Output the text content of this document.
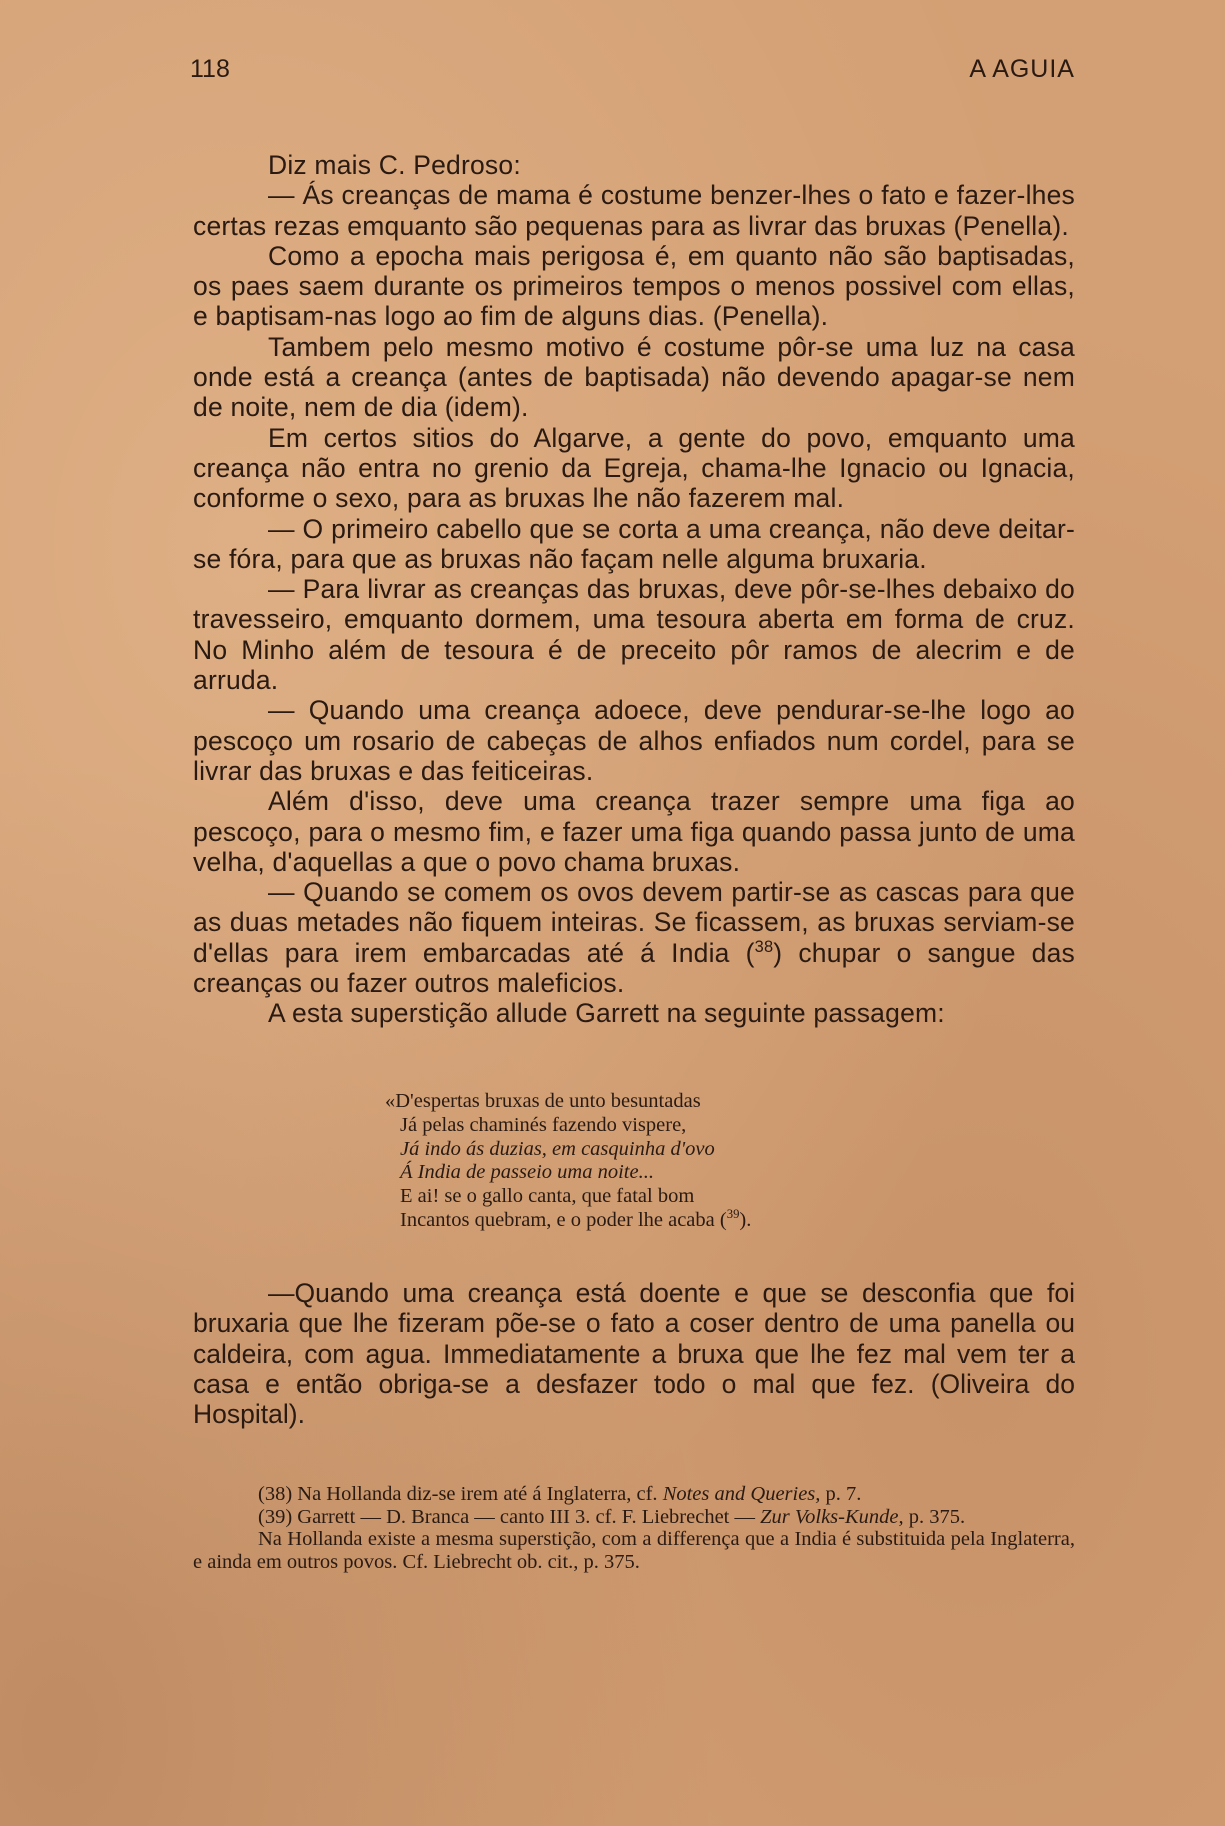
118	A AGUIA

Diz mais C. Pedroso:

— Ás creanças de mama é costume benzer-lhes o fato e fazer-lhes certas rezas emquanto são pequenas para as livrar das bruxas (Penella).

Como a epocha mais perigosa é, em quanto não são baptisadas, os paes saem durante os primeiros tempos o menos possivel com ellas, e baptisam-nas logo ao fim de alguns dias. (Penella).

Tambem pelo mesmo motivo é costume pôr-se uma luz na casa onde está a creança (antes de baptisada) não devendo apagar-se nem de noite, nem de dia (idem).

Em certos sitios do Algarve, a gente do povo, emquanto uma creança não entra no grenio da Egreja, chama-lhe Ignacio ou Ignacia, conforme o sexo, para as bruxas lhe não fazerem mal.

— O primeiro cabello que se corta a uma creança, não deve deitar-se fóra, para que as bruxas não façam nelle alguma bruxaria.

— Para livrar as creanças das bruxas, deve pôr-se-lhes debaixo do travesseiro, emquanto dormem, uma tesoura aberta em forma de cruz. No Minho além de tesoura é de preceito pôr ramos de alecrim e de arruda.

— Quando uma creança adoece, deve pendurar-se-lhe logo ao pescoço um rosario de cabeças de alhos enfiados num cordel, para se livrar das bruxas e das feiticeiras.

Além d'isso, deve uma creança trazer sempre uma figa ao pescoço, para o mesmo fim, e fazer uma figa quando passa junto de uma velha, d'aquellas a que o povo chama bruxas.

— Quando se comem os ovos devem partir-se as cascas para que as duas metades não fiquem inteiras. Se ficassem, as bruxas serviam-se d'ellas para irem embarcadas até á India ($^{38}$) chupar o sangue das creanças ou fazer outros maleficios.

A esta superstição allude Garrett na seguinte passagem:

«D'espertas bruxas de unto besuntadas
Já pelas chaminés fazendo vispere,
Já indo ás duzias, em casquinha d'ovo
Á India de passeio uma noite...
E ai! se o gallo canta, que fatal bom
Incantos quebram, e o poder lhe acaba ($^{39}$).

—Quando uma creança está doente e que se desconfia que foi bruxaria que lhe fizeram põe-se o fato a coser dentro de uma panella ou caldeira, com agua. Immediatamente a bruxa que lhe fez mal vem ter a casa e então obriga-se a desfazer todo o mal que fez. (Oliveira do Hospital).

(38) Na Hollanda diz-se irem até á Inglaterra, cf. Notes and Queries, p. 7.

(39) Garrett — D. Branca — canto III 3. cf. F. Liebrechet — Zur Volks-Kunde, p. 375.

Na Hollanda existe a mesma superstição, com a differença que a India é substituida pela Inglaterra, e ainda em outros povos. Cf. Liebrecht ob. cit., p. 375.
